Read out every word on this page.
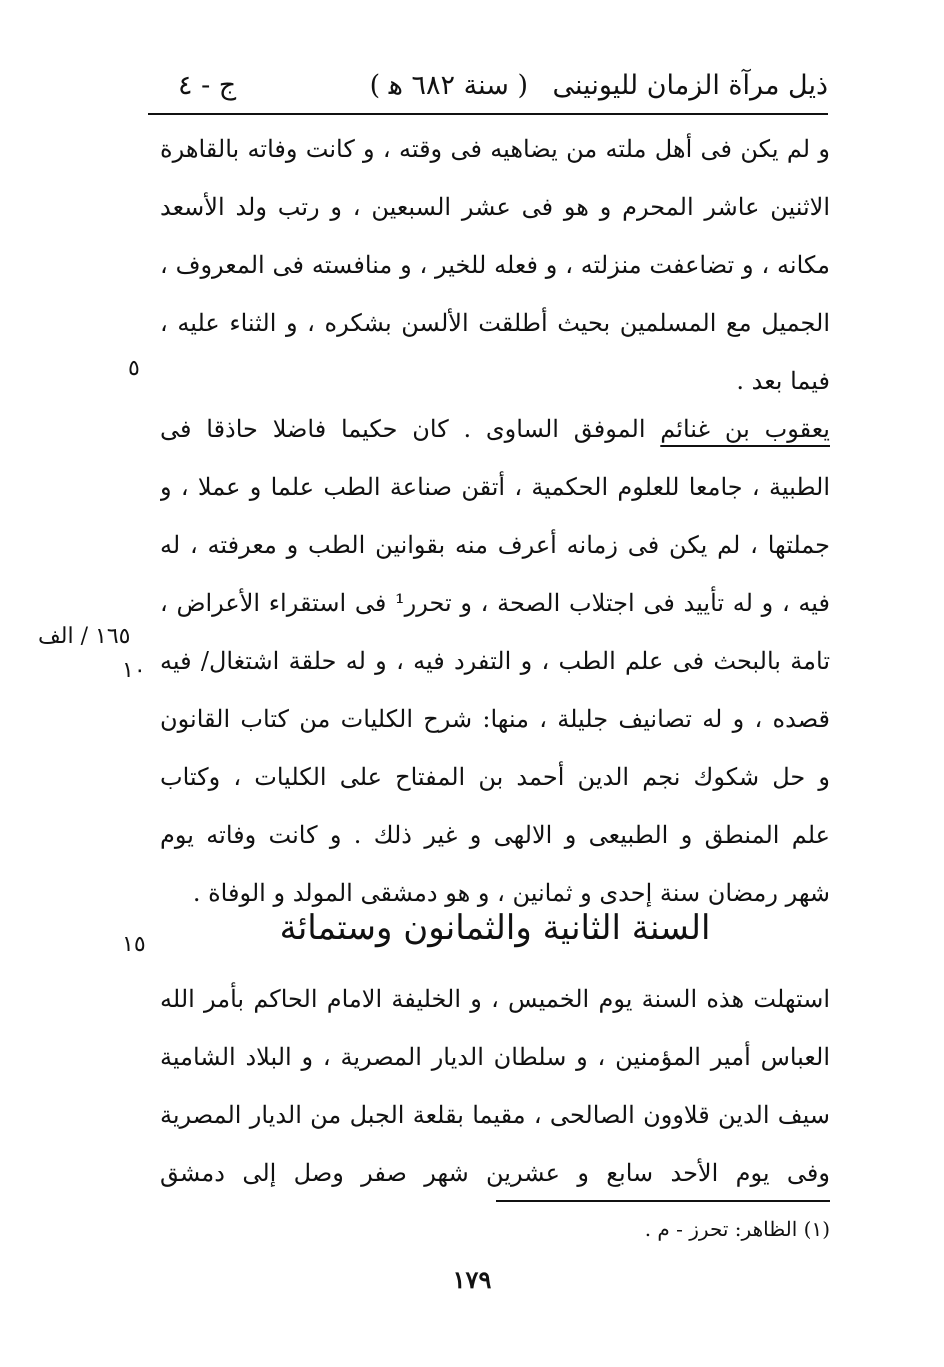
ذيل مرآة الزمان لليونينى
( سنة ٦٨٢ ﻫ )
ج - ٤
و لم يكن فى أهل ملته من يضاهيه فى وقته ، و كانت وفاته بالقاهرة
الاثنين عاشر المحرم و هو فى عشر السبعين ، و رتب ولد الأسعد
مكانه ، و تضاعفت منزلته ، و فعله للخير ، و منافسته فى المعروف ،
الجميل مع المسلمين بحيث أطلقت الألسن بشكره ، و الثناء عليه ،
فيما بعد .
يعقوب بن غنائم الموفق الساوى . كان حكيما فاضلا حاذقا فى
الطبية ، جامعا للعلوم الحكمية ، أتقن صناعة الطب علما و عملا ، و
جملتها ، لم يكن فى زمانه أعرف منه بقوانين الطب و معرفته ، له
فيه ، و له تأييد فى اجتلاب الصحة ، و تحرر¹ فى استقراء الأعراض ،
تامة بالبحث فى علم الطب ، و التفرد فيه ، و له حلقة اشتغال/ فيه
قصده ، و له تصانيف جليلة ، منها: شرح الكليات من كتاب القانون
و حل شكوك نجم الدين أحمد بن المفتاح على الكليات ، وكتاب
علم المنطق و الطبيعى و الالهى و غير ذلك . و كانت وفاته يوم
شهر رمضان سنة إحدى و ثمانين ، و هو دمشقى المولد و الوفاة .
السنة الثانية والثمانون وستمائة
استهلت هذه السنة يوم الخميس ، و الخليفة الامام الحاكم بأمر الله
العباس أمير المؤمنين ، و سلطان الديار المصرية ، و البلاد الشامية
سيف الدين قلاوون الصالحى ، مقيما بقلعة الجبل من الديار المصرية
وفى يوم الأحد سابع و عشرين شهر صفر وصل إلى دمشق
٥
١٦٥ / الف
١٠
١٥
(١) الظاهر: تحرز - م .
١٧٩
